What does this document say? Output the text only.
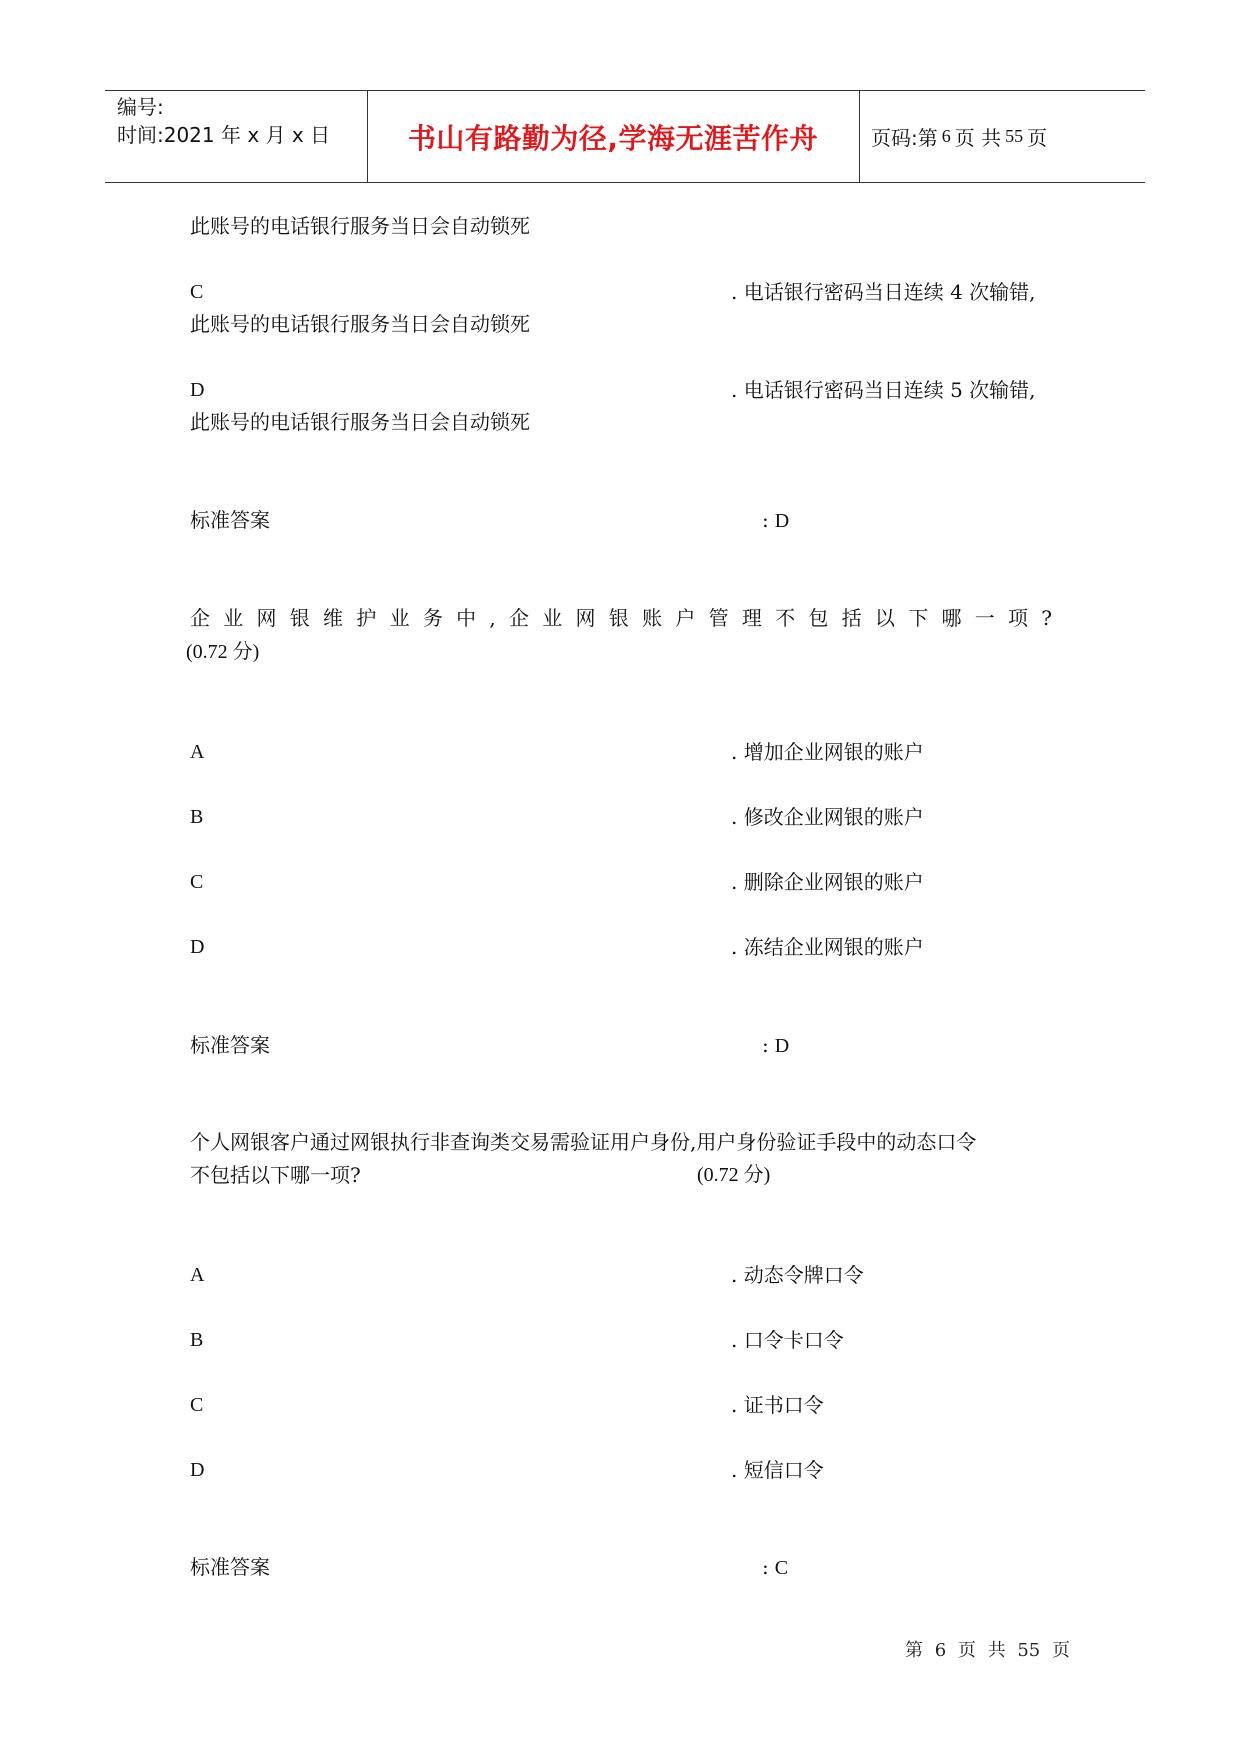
编号:
时间:2021 年 x 月 x 日	书山有路勤为径,学海无涯苦作舟	页码:第 6 页 共 55 页
此账号的电话银行服务当日会自动锁死
C	. 电话银行密码当日连续 4 次输错,
此账号的电话银行服务当日会自动锁死
D	. 电话银行密码当日连续 5 次输错,
此账号的电话银行服务当日会自动锁死
标准答案	: D
企业网银维护业务中,企业网银账户管理不包括以下哪一项?
(0.72 分)
A	. 增加企业网银的账户
B	. 修改企业网银的账户
C	. 删除企业网银的账户
D	. 冻结企业网银的账户
标准答案	: D
个人网银客户通过网银执行非查询类交易需验证用户身份,用户身份验证手段中的动态口令
不包括以下哪一项?	(0.72 分)
A	. 动态令牌口令
B	. 口令卡口令
C	. 证书口令
D	. 短信口令
标准答案	: C
第 6 页 共 55 页
